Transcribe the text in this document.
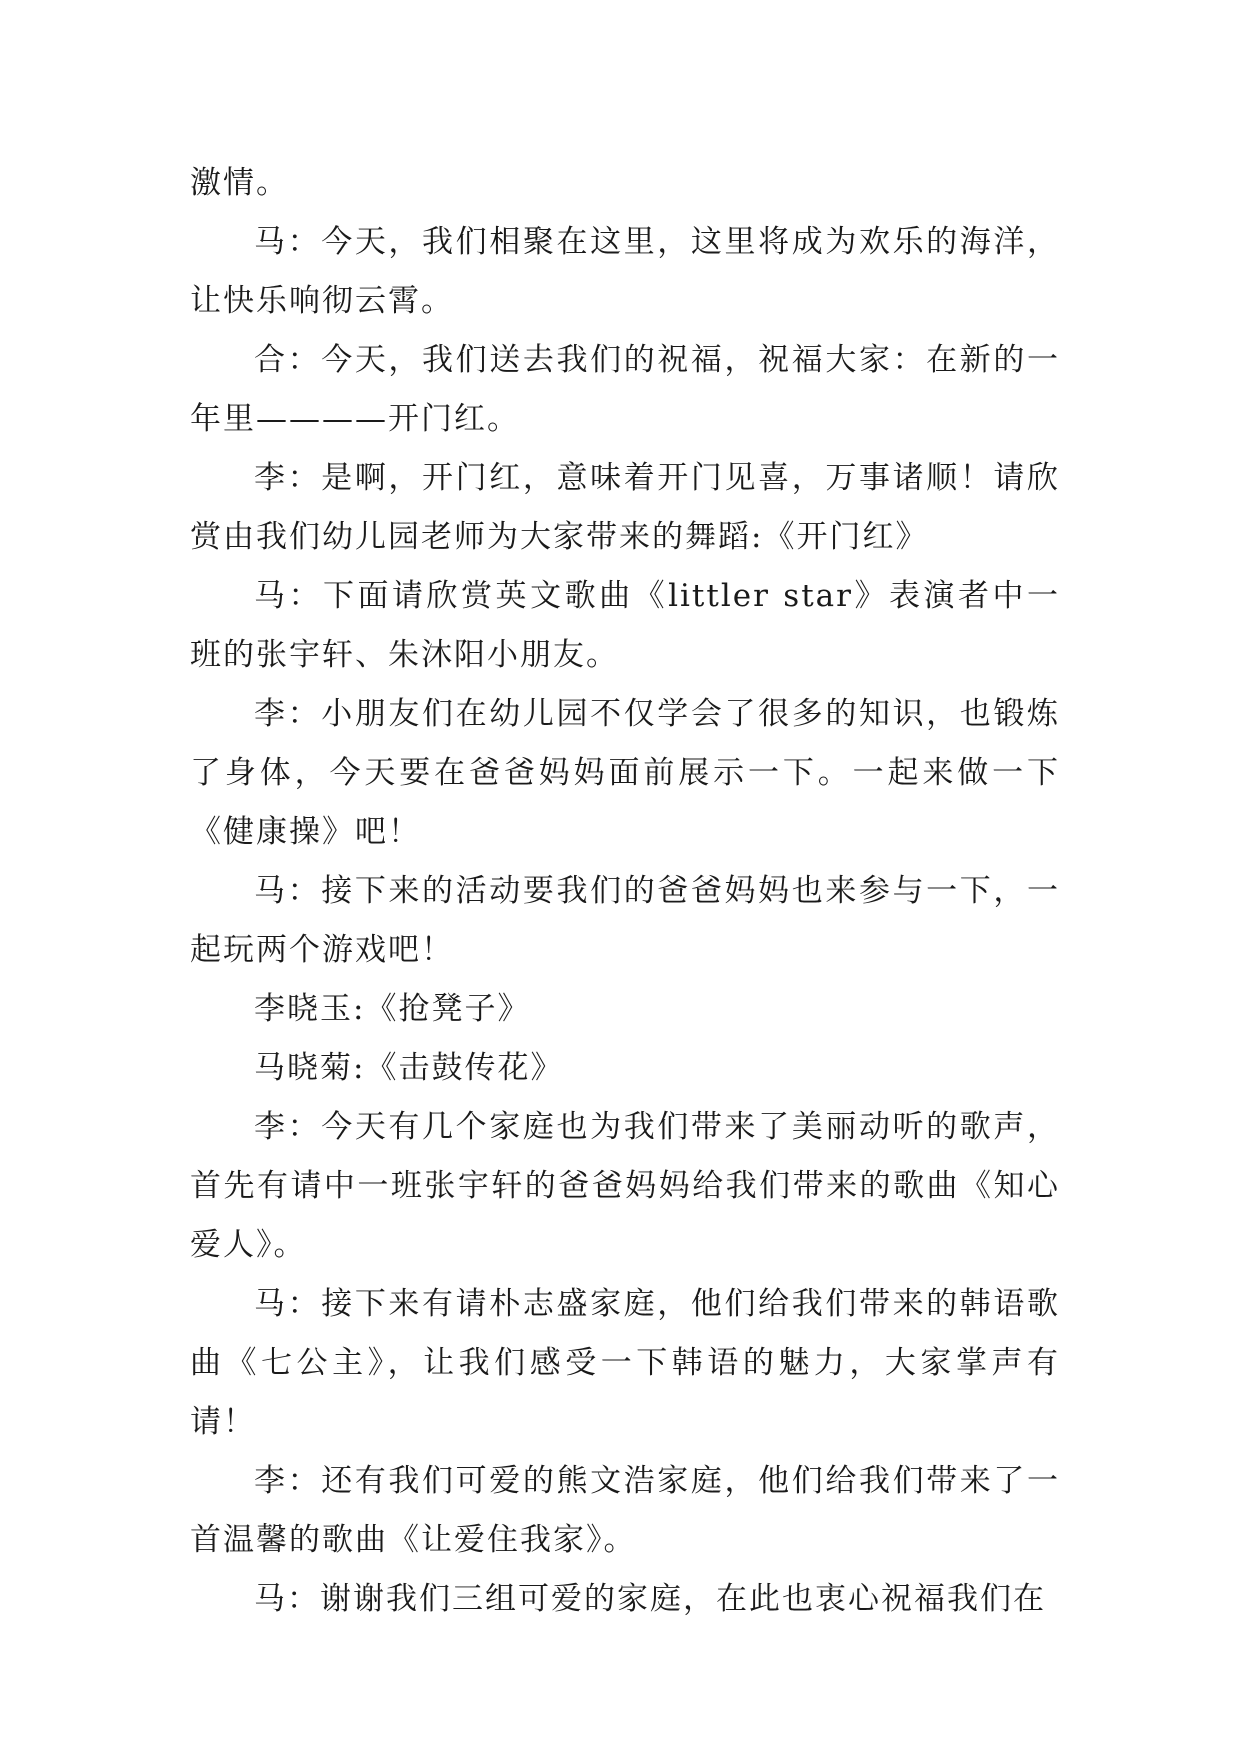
激情。

马：今天，我们相聚在这里，这里将成为欢乐的海洋，让快乐响彻云霄。

合：今天，我们送去我们的祝福，祝福大家：在新的一年里————开门红。

李：是啊，开门红，意味着开门见喜，万事诸顺！请欣赏由我们幼儿园老师为大家带来的舞蹈:《开门红》

马：下面请欣赏英文歌曲《littler star》表演者中一班的张宇轩、朱沐阳小朋友。

李：小朋友们在幼儿园不仅学会了很多的知识，也锻炼了身体，今天要在爸爸妈妈面前展示一下。一起来做一下《健康操》吧！

马：接下来的活动要我们的爸爸妈妈也来参与一下，一起玩两个游戏吧！

李晓玉:《抢凳子》

马晓菊:《击鼓传花》

李：今天有几个家庭也为我们带来了美丽动听的歌声，首先有请中一班张宇轩的爸爸妈妈给我们带来的歌曲《知心爱人》。

马：接下来有请朴志盛家庭，他们给我们带来的韩语歌曲《七公主》，让我们感受一下韩语的魅力，大家掌声有请！

李：还有我们可爱的熊文浩家庭，他们给我们带来了一首温馨的歌曲《让爱住我家》。

马：谢谢我们三组可爱的家庭，在此也衷心祝福我们在
